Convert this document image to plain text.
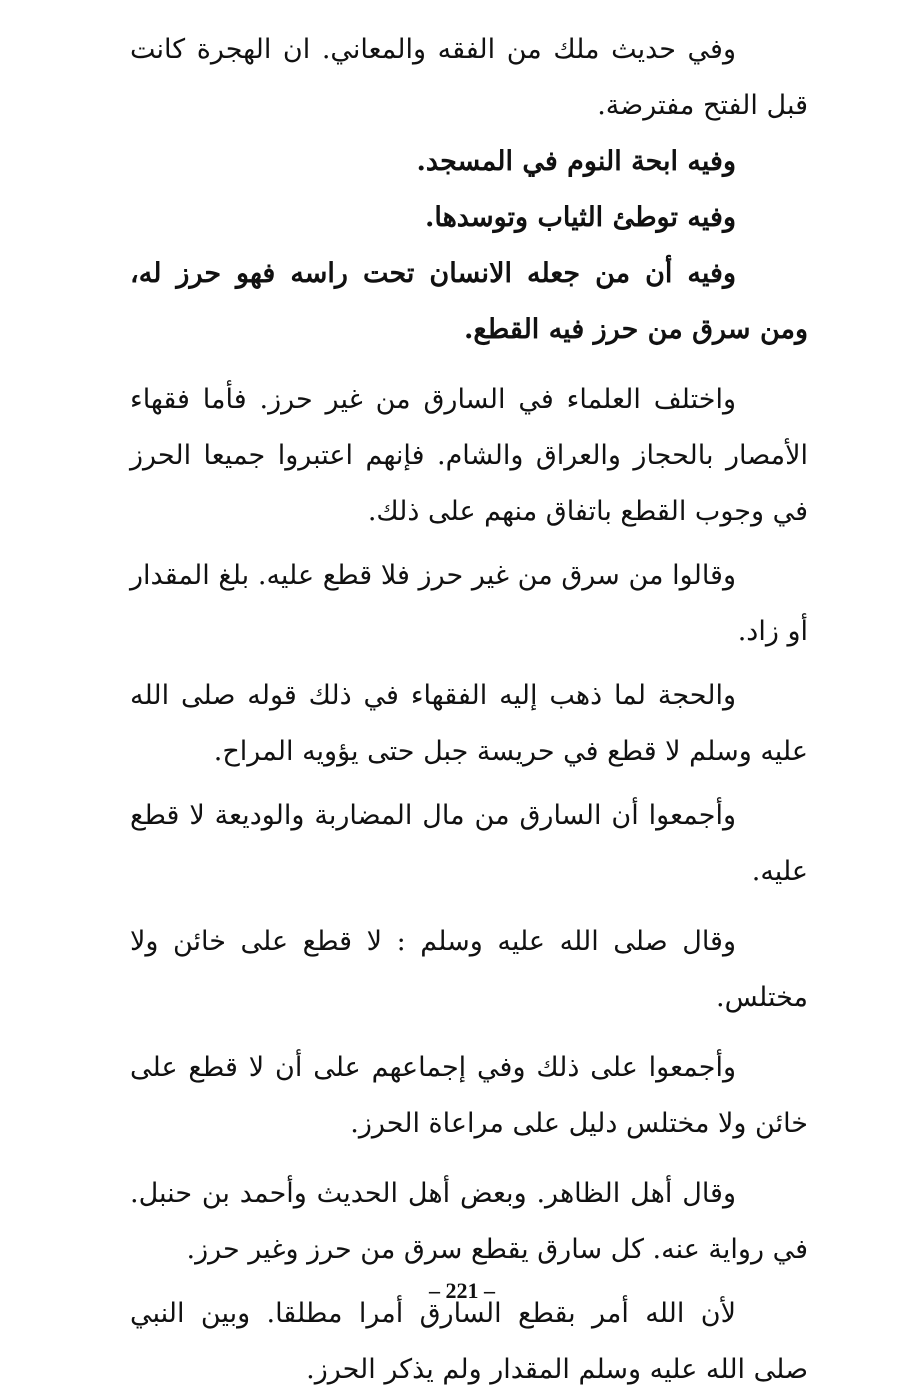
وفي حديث ملك من الفقه والمعاني. ان الهجرة كانت قبل الفتح مفترضة.

وفيه ابحة النوم في المسجد.

وفيه توطئ الثياب وتوسدها.

وفيه أن من جعله الانسان تحت راسه فهو حرز له، ومن سرق من حرز فيه القطع.

واختلف العلماء في السارق من غير حرز. فأما فقهاء الأمصار بالحجاز والعراق والشام. فإنهم اعتبروا جميعا الحرز في وجوب القطع باتفاق منهم على ذلك.

وقالوا من سرق من غير حرز فلا قطع عليه. بلغ المقدار أو زاد.

والحجة لما ذهب إليه الفقهاء في ذلك قوله صلى الله عليه وسلم لا قطع في حريسة جبل حتى يؤويه المراح.

وأجمعوا أن السارق من مال المضاربة والوديعة لا قطع عليه.

وقال صلى الله عليه وسلم : لا قطع على خائن ولا مختلس.

وأجمعوا على ذلك وفي إجماعهم على أن لا قطع على خائن ولا مختلس دليل على مراعاة الحرز.

وقال أهل الظاهر. وبعض أهل الحديث وأحمد بن حنبل. في رواية عنه. كل سارق يقطع سرق من حرز وغير حرز.

لأن الله أمر بقطع السارق أمرا مطلقا. وبين النبي صلى الله عليه وسلم المقدار ولم يذكر الحرز.

– 221 –
